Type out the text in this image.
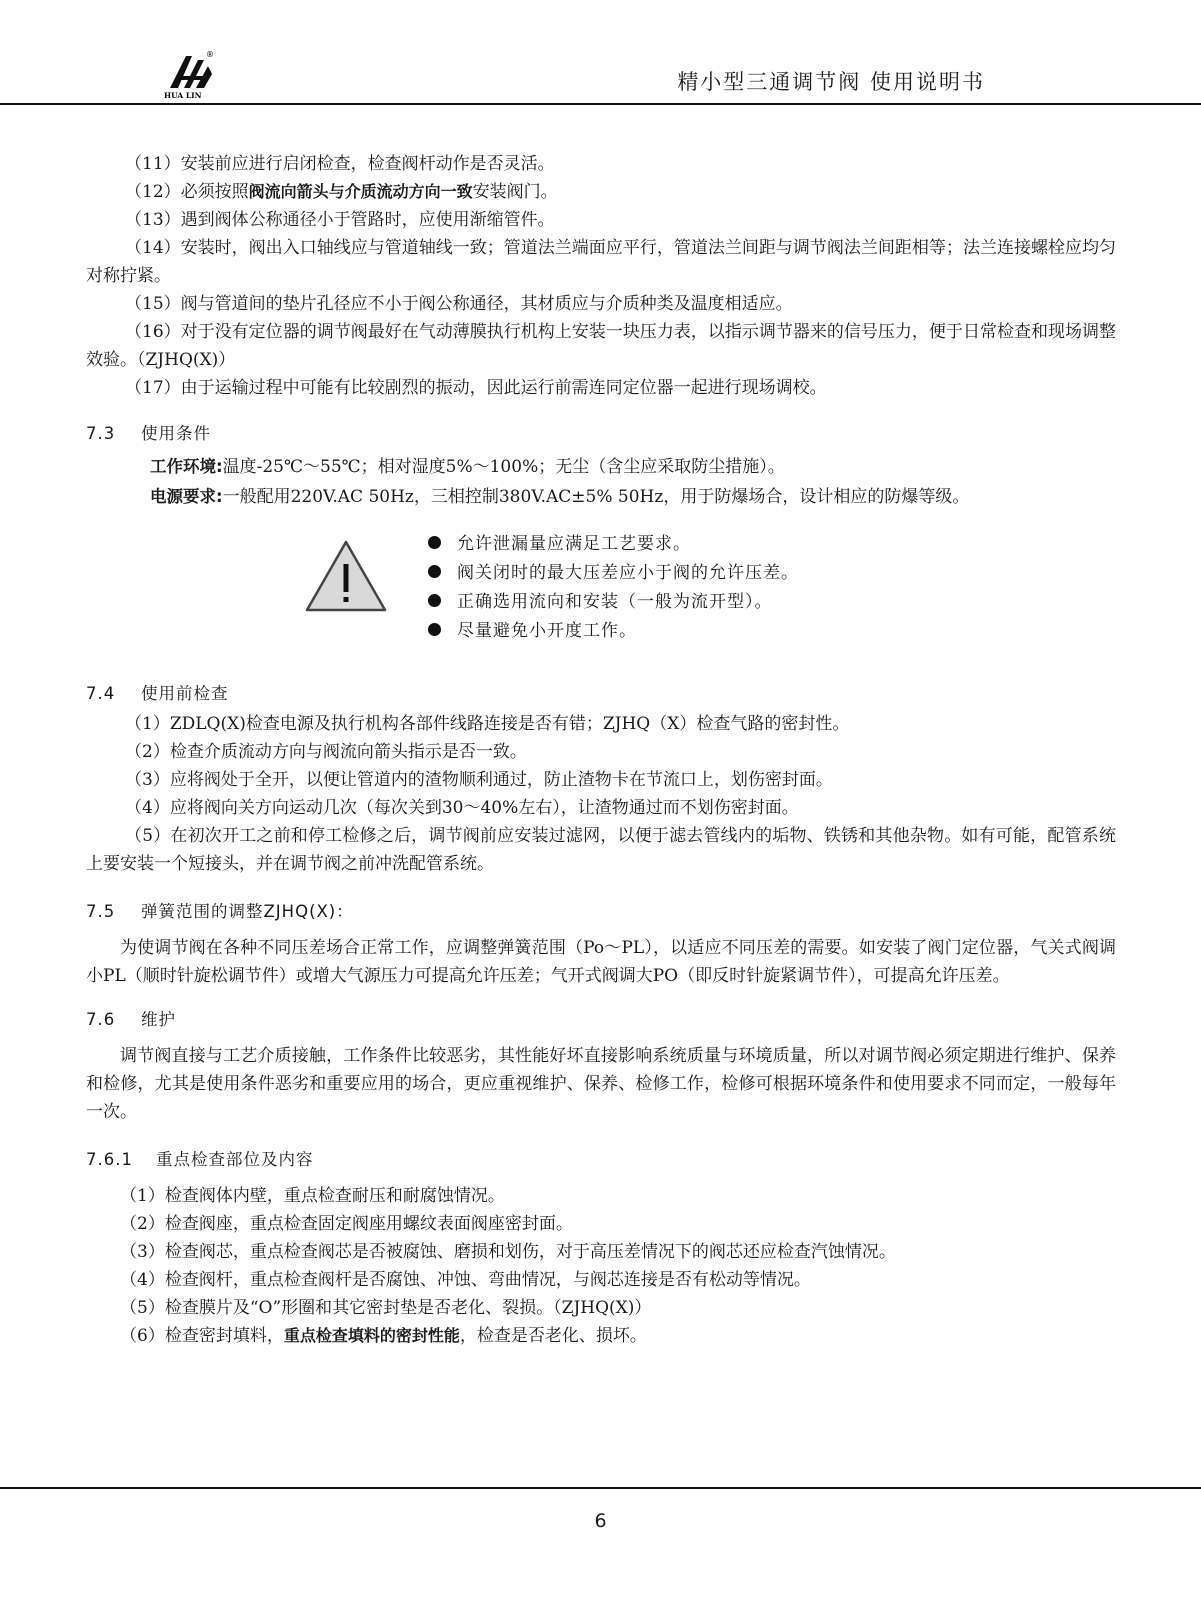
®
HUA LIN
精小型三通调节阀 使用说明书

（11）安装前应进行启闭检查，检查阀杆动作是否灵活。

（12）必须按照阀流向箭头与介质流动方向一致安装阀门。

（13）遇到阀体公称通径小于管路时，应使用渐缩管件。

（14）安装时，阀出入口轴线应与管道轴线一致；管道法兰端面应平行，管道法兰间距与调节阀法兰间距相等；法兰连接螺栓应均匀对称拧紧。

（15）阀与管道间的垫片孔径应不小于阀公称通径，其材质应与介质种类及温度相适应。

（16）对于没有定位器的调节阀最好在气动薄膜执行机构上安装一块压力表，以指示调节器来的信号压力，便于日常检查和现场调整效验。（ZJHQ(X)）

（17）由于运输过程中可能有比较剧烈的振动，因此运行前需连同定位器一起进行现场调校。

7.3 使用条件

工作环境:温度-25℃～55℃；相对湿度5%～100%；无尘（含尘应采取防尘措施）。

电源要求:一般配用220V.AC 50Hz，三相控制380V.AC±5% 50Hz，用于防爆场合，设计相应的防爆等级。

允许泄漏量应满足工艺要求。
阀关闭时的最大压差应小于阀的允许压差。
正确选用流向和安装（一般为流开型）。
尽量避免小开度工作。

7.4 使用前检查

（1）ZDLQ(X)检查电源及执行机构各部件线路连接是否有错；ZJHQ（X）检查气路的密封性。

（2）检查介质流动方向与阀流向箭头指示是否一致。

（3）应将阀处于全开，以便让管道内的渣物顺利通过，防止渣物卡在节流口上，划伤密封面。

（4）应将阀向关方向运动几次（每次关到30～40%左右），让渣物通过而不划伤密封面。

（5）在初次开工之前和停工检修之后，调节阀前应安装过滤网，以便于滤去管线内的垢物、铁锈和其他杂物。如有可能，配管系统上要安装一个短接头，并在调节阀之前冲洗配管系统。

7.5 弹簧范围的调整ZJHQ(X)：

为使调节阀在各种不同压差场合正常工作，应调整弹簧范围（Po～PL），以适应不同压差的需要。如安装了阀门定位器，气关式阀调小PL（顺时针旋松调节件）或增大气源压力可提高允许压差；气开式阀调大PO（即反时针旋紧调节件），可提高允许压差。

7.6 维护

调节阀直接与工艺介质接触，工作条件比较恶劣，其性能好坏直接影响系统质量与环境质量，所以对调节阀必须定期进行维护、保养和检修，尤其是使用条件恶劣和重要应用的场合，更应重视维护、保养、检修工作，检修可根据环境条件和使用要求不同而定，一般每年一次。

7.6.1 重点检查部位及内容

（1）检查阀体内壁，重点检查耐压和耐腐蚀情况。

（2）检查阀座，重点检查固定阀座用螺纹表面阀座密封面。

（3）检查阀芯，重点检查阀芯是否被腐蚀、磨损和划伤，对于高压差情况下的阀芯还应检查汽蚀情况。

（4）检查阀杆，重点检查阀杆是否腐蚀、冲蚀、弯曲情况，与阀芯连接是否有松动等情况。

（5）检查膜片及“O”形圈和其它密封垫是否老化、裂损。（ZJHQ(X)）

（6）检查密封填料，重点检查填料的密封性能，检查是否老化、损坏。

6
